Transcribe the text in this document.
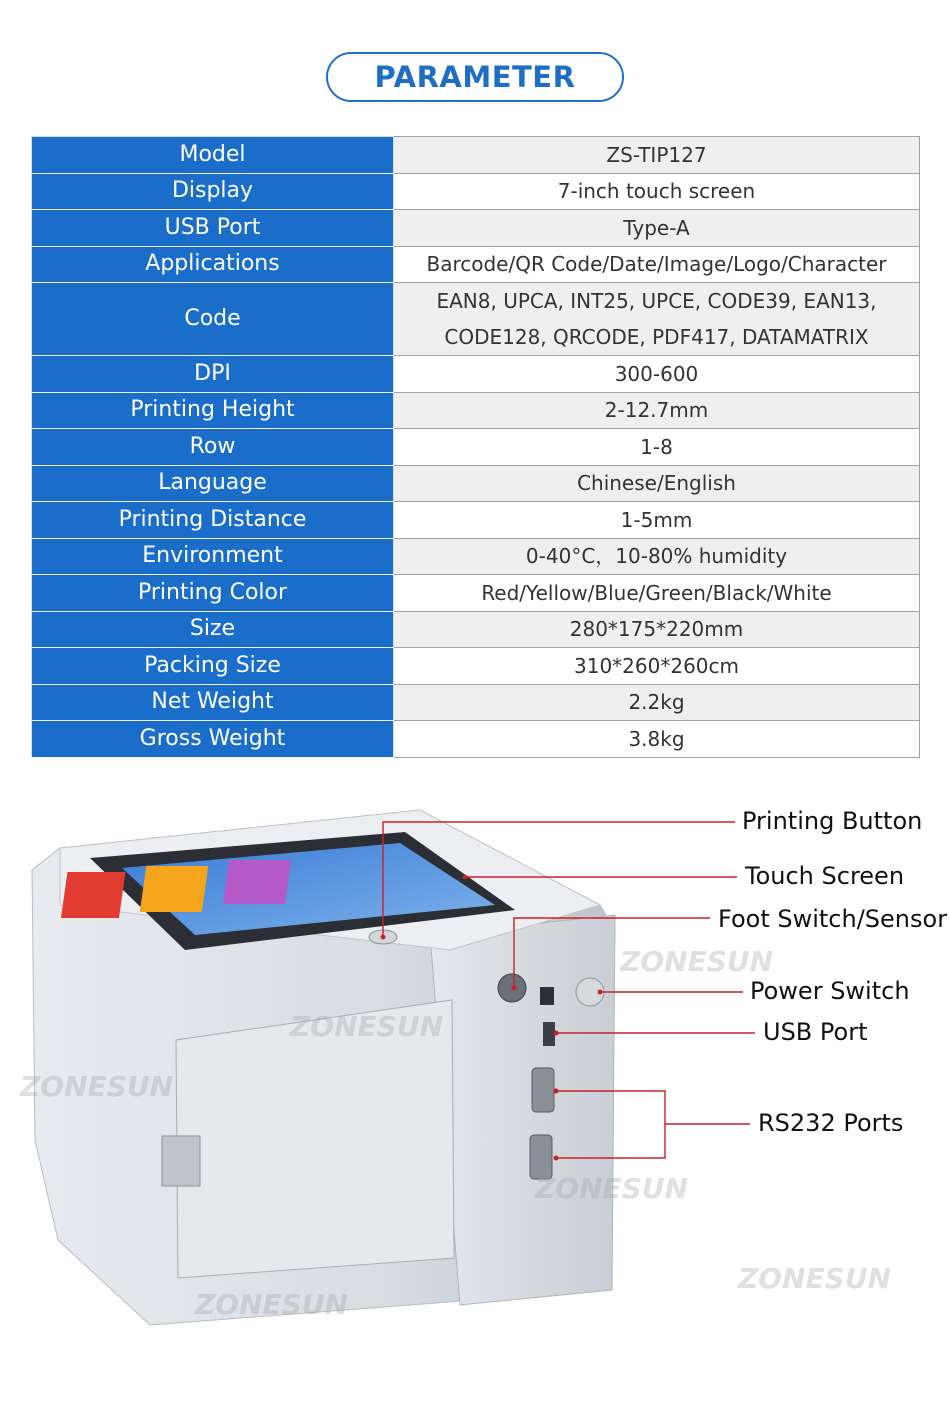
PARAMETER
Model	ZS-TIP127
Display	7-inch touch screen
USB Port	Type-A
Applications	Barcode/QR Code/Date/Image/Logo/Character
Code	EAN8, UPCA, INT25, UPCE, CODE39, EAN13,
CODE128, QRCODE, PDF417, DATAMATRIX

DPI	300-600
Printing Height	2-12.7mm
Row	1-8
Language	Chinese/English
Printing Distance	1-5mm
Environment	0-40°C，10-80% humidity
Printing Color	Red/Yellow/Blue/Green/Black/White
Size	280*175*220mm
Packing Size	310*260*260cm
Net Weight	2.2kg
Gross Weight	3.8kg
Printing Button
Touch Screen
Foot Switch/Sensor
Power Switch
USB Port
RS232 Ports
ZONESUN
ZONESUN
ZONESUN
ZONESUN
ZONESUN
ZONESUN
